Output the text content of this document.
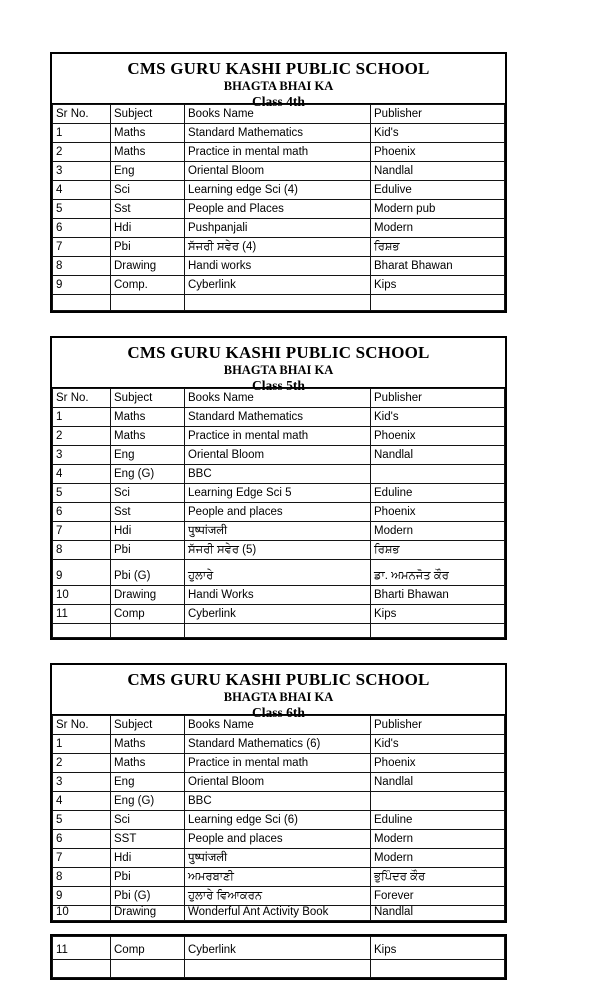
CMS GURU KASHI PUBLIC SCHOOL
BHAGTA BHAI KA
Class 4th
Sr No.	Subject	Books Name	Publisher
1	Maths	Standard Mathematics	Kid's
2	Maths	Practice in mental math	Phoenix
3	Eng	Oriental Bloom	Nandlal
4	Sci	Learning edge Sci (4)	Edulive
5	Sst	People and Places	Modern pub
6	Hdi	Pushpanjali	Modern
7	Pbi	ਸੱਜਰੀ ਸਵੇਰ (4)	ਰਿਸ਼ਭ
8	Drawing	Handi works	Bharat Bhawan
9	Comp.	Cyberlink	Kips

CMS GURU KASHI PUBLIC SCHOOL
BHAGTA BHAI KA
Class 5th
Sr No.	Subject	Books Name	Publisher
1	Maths	Standard Mathematics	Kid's
2	Maths	Practice in mental math	Phoenix
3	Eng	Oriental Bloom	Nandlal
4	Eng (G)	BBC	
5	Sci	Learning Edge Sci 5	Eduline
6	Sst	People and places	Phoenix
7	Hdi	पुष्पांजली	Modern
8	Pbi	ਸੱਜਰੀ ਸਵੇਰ (5)	ਰਿਸ਼ਭ
9	Pbi (G)	ਹੁਲਾਰੇ	ਡਾ. ਅਮਨਜੋਤ ਕੌਰ
10	Drawing	Handi Works	Bharti Bhawan
11	Comp	Cyberlink	Kips

CMS GURU KASHI PUBLIC SCHOOL
BHAGTA BHAI KA
Class 6th
Sr No.	Subject	Books Name	Publisher
1	Maths	Standard Mathematics (6)	Kid's
2	Maths	Practice in mental math	Phoenix
3	Eng	Oriental Bloom	Nandlal
4	Eng (G)	BBC	
5	Sci	Learning edge Sci (6)	Eduline
6	SST	People and places	Modern
7	Hdi	पुष्पांजली	Modern
8	Pbi	ਅਮਰਬਾਣੀ	ਭੁਪਿੰਦਰ ਕੌਰ
9	Pbi (G)	ਹੁਲਾਰੇ ਵਿਆਕਰਨ	Forever
10	Drawing	Wonderful Ant Activity Book	Nandlal
11	Comp	Cyberlink	Kips
